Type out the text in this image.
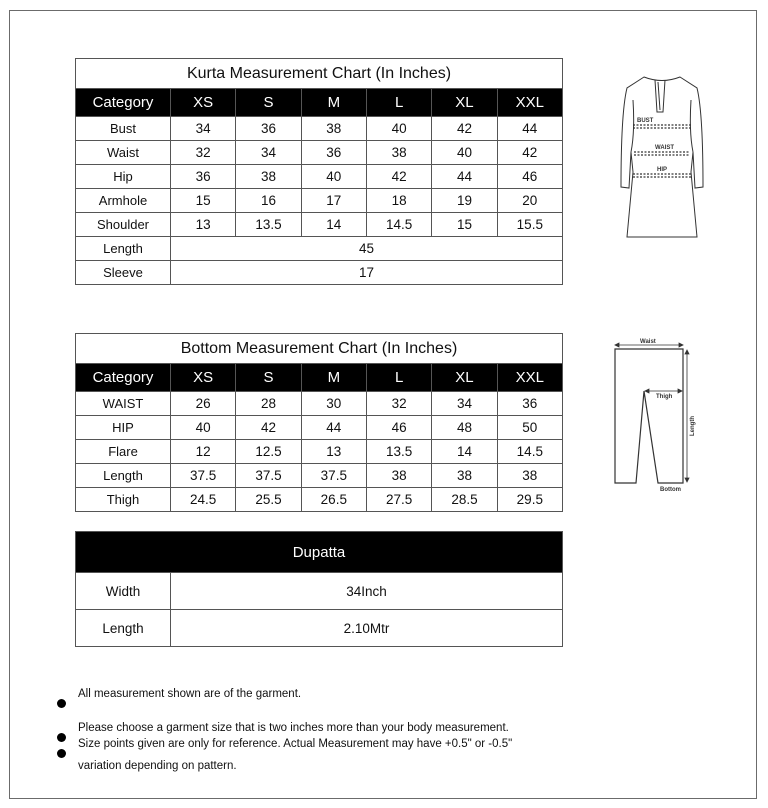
Kurta Measurement Chart (In Inches)						
Category	XS	S	M	L	XL	XXL
Bust	34	36	38	40	42	44
Waist	32	34	36	38	40	42
Hip	36	38	40	42	44	46
Armhole	15	16	17	18	19	20
Shoulder	13	13.5	14	14.5	15	15.5
Length	45					
Sleeve	17					
BUST
WAIST
HIP
Bottom Measurement Chart (In Inches)						
Category	XS	S	M	L	XL	XXL
WAIST	26	28	30	32	34	36
HIP	40	42	44	46	48	50
Flare	12	12.5	13	13.5	14	14.5
Length	37.5	37.5	37.5	38	38	38
Thigh	24.5	25.5	26.5	27.5	28.5	29.5
Waist
Thigh
Length
Bottom
Dupatta	
Width	34Inch
Length	2.10Mtr
All measurement shown are of the garment.
Please choose a garment size that is two inches more than your body measurement.
Size points given are only for reference. Actual Measurement may have +0.5" or -0.5" variation depending on pattern.
